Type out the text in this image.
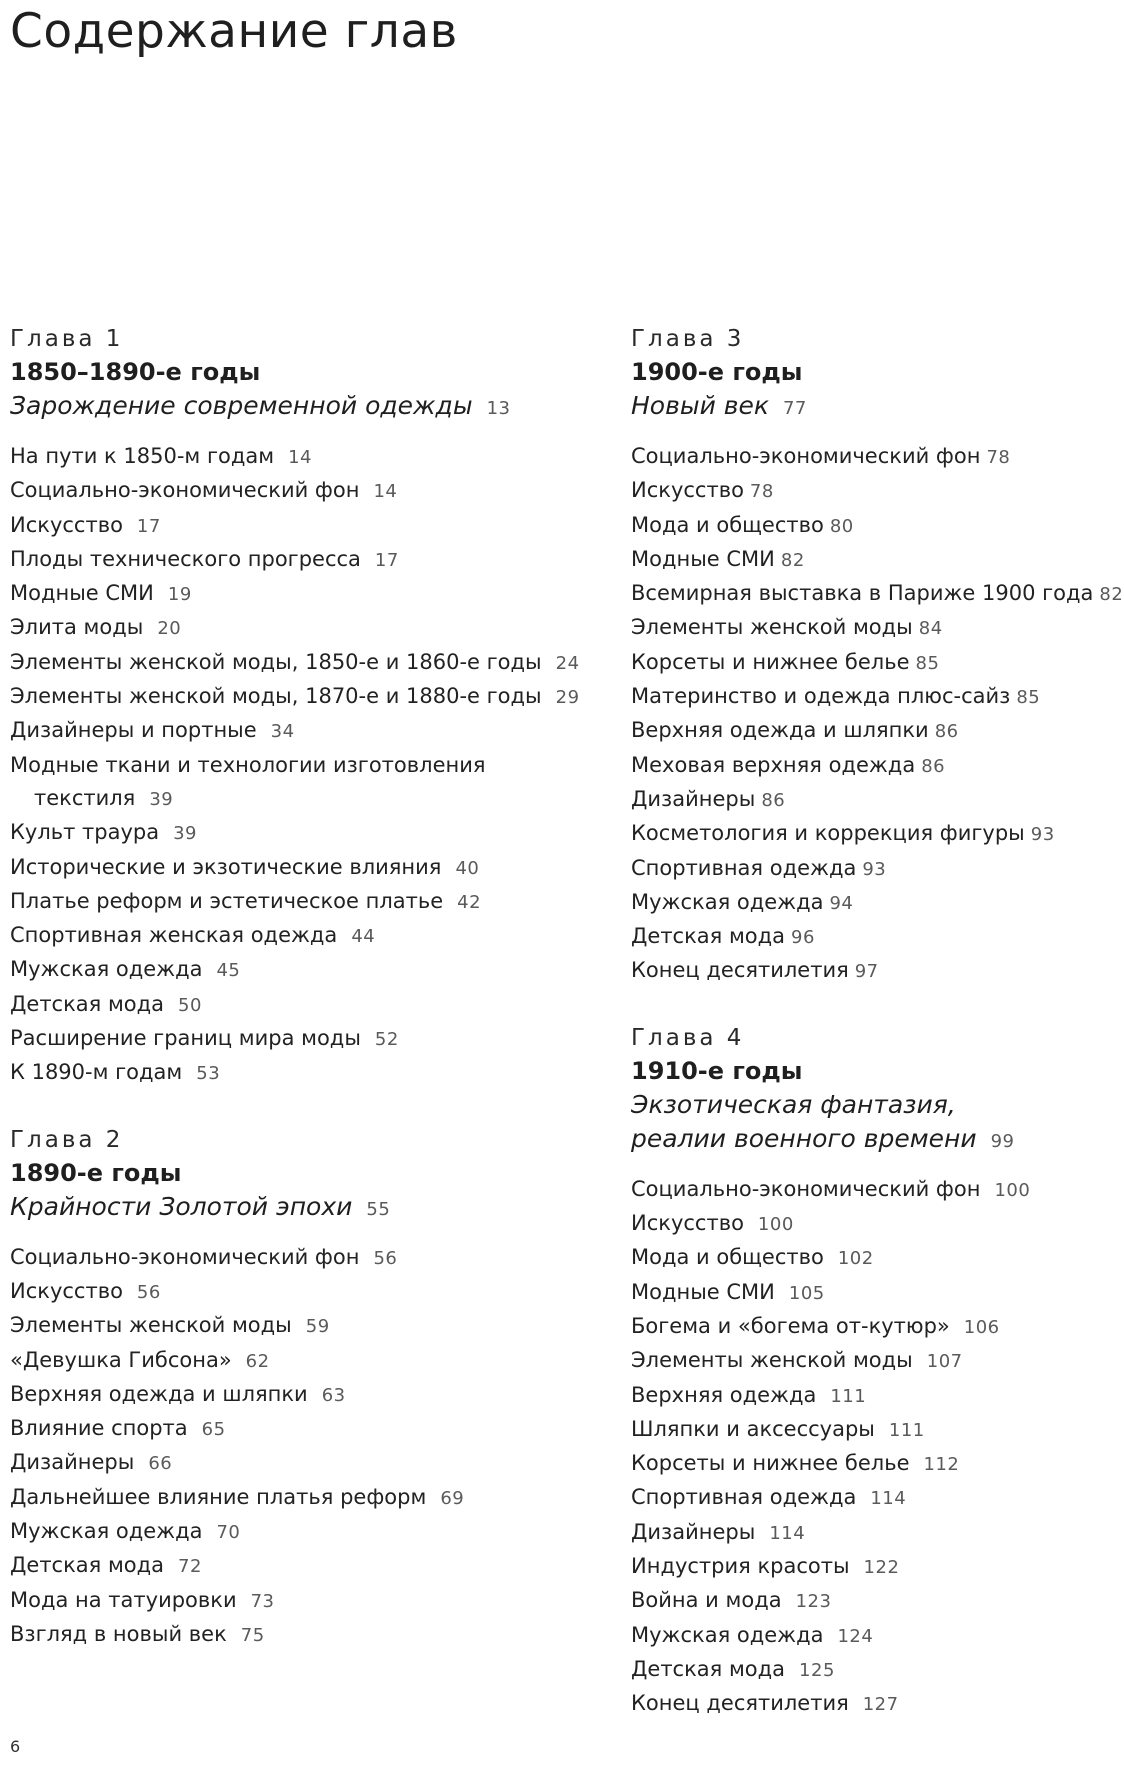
Содержание глав
Глава 1
1850–1890-е годы
Зарождение современной одежды 13
На пути к 1850-м годам 14
Социально-экономический фон 14
Искусство 17
Плоды технического прогресса 17
Модные СМИ 19
Элита моды 20
Элементы женской моды, 1850-е и 1860-е годы 24
Элементы женской моды, 1870-е и 1880-е годы 29
Дизайнеры и портные 34
Модные ткани и технологии изготовления
текстиля 39
Культ траура 39
Исторические и экзотические влияния 40
Платье реформ и эстетическое платье 42
Спортивная женская одежда 44
Мужская одежда 45
Детская мода 50
Расширение границ мира моды 52
К 1890-м годам 53
Глава 2
1890-е годы
Крайности Золотой эпохи 55
Социально-экономический фон 56
Искусство 56
Элементы женской моды 59
«Девушка Гибсона» 62
Верхняя одежда и шляпки 63
Влияние спорта 65
Дизайнеры 66
Дальнейшее влияние платья реформ 69
Мужская одежда 70
Детская мода 72
Мода на татуировки 73
Взгляд в новый век 75
Глава 3
1900-е годы
Новый век 77
Социально-экономический фон 78
Искусство 78
Мода и общество 80
Модные СМИ 82
Всемирная выставка в Париже 1900 года 82
Элементы женской моды 84
Корсеты и нижнее белье 85
Материнство и одежда плюс-сайз 85
Верхняя одежда и шляпки 86
Меховая верхняя одежда 86
Дизайнеры 86
Косметология и коррекция фигуры 93
Спортивная одежда 93
Мужская одежда 94
Детская мода 96
Конец десятилетия 97
Глава 4
1910-е годы
Экзотическая фантазия,
реалии военного времени 99
Социально-экономический фон 100
Искусство 100
Мода и общество 102
Модные СМИ 105
Богема и «богема от-кутюр» 106
Элементы женской моды 107
Верхняя одежда 111
Шляпки и аксессуары 111
Корсеты и нижнее белье 112
Спортивная одежда 114
Дизайнеры 114
Индустрия красоты 122
Война и мода 123
Мужская одежда 124
Детская мода 125
Конец десятилетия 127
6
